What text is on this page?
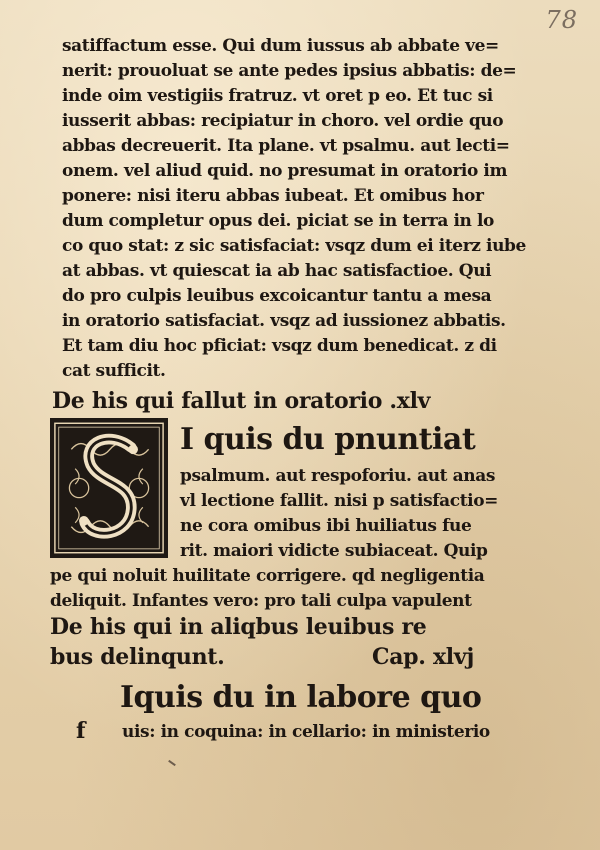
78
satiffactum esse. Qui dum iussus ab abbate ve=
nerit: prouoluat se ante pedes ipsius abbatis: de=
inde oim vestigiis fratruz. vt oret p eo. Et tuc si
iusserit abbas: recipiatur in choro. vel ordie quo
abbas decreuerit. Ita plane. vt psalmu. aut lecti=
onem. vel aliud quid. no presumat in oratorio im
ponere: nisi iteru abbas iubeat. Et omibus hor
dum completur opus dei. piciat se in terra in lo
co quo stat: z sic satisfaciat: vsqz dum ei iterz iube
at abbas. vt quiescat ia ab hac satisfactioe. Qui
do pro culpis leuibus excoicantur tantu a mesa
in oratorio satisfaciat. vsqz ad iussionez abbatis.
Et tam diu hoc pficiat: vsqz dum benedicat. z di
cat sufficit.
De his qui fallut in oratorio .xlv
I quis du pnuntiat
psalmum. aut respoforiu. aut anas
vl lectione fallit. nisi p satisfactio=
ne cora omibus ibi huiliatus fue
rit. maiori vidicte subiaceat. Quip
pe qui noluit huilitate corrigere. qd negligentia
deliquit. Infantes vero: pro tali culpa vapulent
De his qui in aliqbus leuibus re
bus delinqunt.	Cap. xlvj
Iquis du in labore quo
f uis: in coquina: in cellario: in ministerio
